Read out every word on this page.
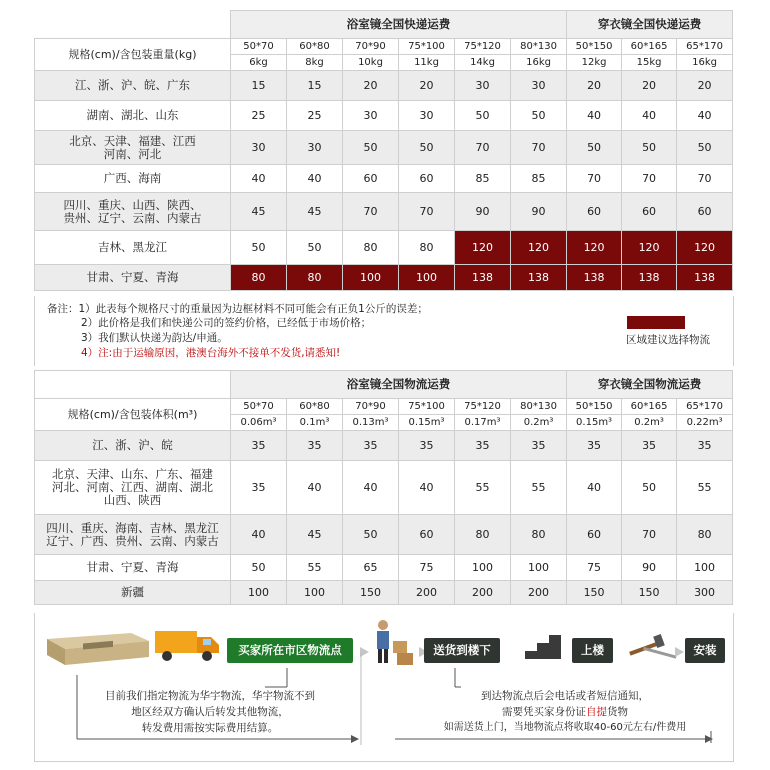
	浴室镜全国快递运费						穿衣镜全国快递运费		
规格(cm)/含包装重量(kg)	50*70	60*80	70*90	75*100	75*120	80*130	50*150	60*165	65*170
	6kg	8kg	10kg	11kg	14kg	16kg	12kg	15kg	16kg
江、浙、沪、皖、广东	15	15	20	20	30	30	20	20	20
湖南、湖北、山东	25	25	30	30	50	50	40	40	40
北京、天津、福建、江西
河南、河北	30	30	50	50	70	70	50	50	50
广西、海南	40	40	60	60	85	85	70	70	70
四川、重庆、山西、陕西、
贵州、辽宁、云南、内蒙古	45	45	70	70	90	90	60	60	60
吉林、黑龙江	50	50	80	80	120	120	120	120	120
甘肃、宁夏、青海	80	80	100	100	138	138	138	138	138
备注：1）此表每个规格尺寸的重量因为边框材料不同可能会有正负1公斤的误差；
2）此价格是我们和快递公司的签约价格，已经低于市场价格；
3）我们默认快递为韵达/申通。
4）注:由于运输原因，港澳台海外不接单不发货,请悉知!
区域建议选择物流
	浴室镜全国物流运费						穿衣镜全国物流运费		
规格(cm)/含包装体积(m³)	50*70	60*80	70*90	75*100	75*120	80*130	50*150	60*165	65*170
	0.06m³	0.1m³	0.13m³	0.15m³	0.17m³	0.2m³	0.15m³	0.2m³	0.22m³
江、浙、沪、皖	35	35	35	35	35	35	35	35	35
北京、天津、山东、广东、福建
河北、河南、江西、湖南、湖北
山西、陕西	35	40	40	40	55	55	40	50	55
四川、重庆、海南、吉林、黑龙江
辽宁、广西、贵州、云南、内蒙古	40	45	50	60	80	80	60	70	80
甘肃、宁夏、青海	50	55	65	75	100	100	75	90	100
新疆	100	100	150	200	200	200	150	150	300
买家所在市区物流点	送货到楼下	上楼	安装
目前我们指定物流为华宇物流，华宇物流不到
地区经双方确认后转发其他物流，
转发费用需按实际费用结算。
到达物流点后会电话或者短信通知，
需要凭买家身份证自提货物
如需送货上门，当地物流点将收取40-60元左右/件费用
